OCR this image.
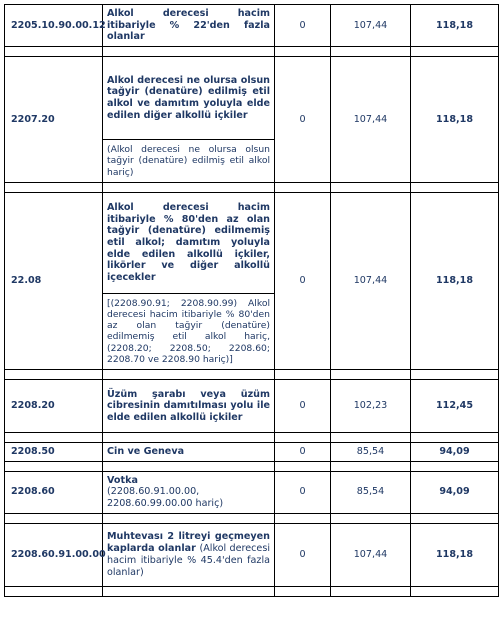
2205.10.90.00.12	Alkol derecesi hacim itibariyle % 22'den fazla olanlar	0	107,44	118,18

2207.20	Alkol derecesi ne olursa olsun tağyir (denatüre) edilmiş etil alkol ve damıtım yoluyla elde edilen diğer alkollü içkiler	0	107,44	118,18
	(Alkol derecesi ne olursa olsun tağyir (denatüre) edilmiş etil alkol hariç)			

22.08	Alkol derecesi hacim itibariyle % 80'den az olan tağyir (denatüre) edilmemiş etil alkol; damıtım yoluyla elde edilen alkollü içkiler, likörler ve diğer alkollü içecekler	0	107,44	118,18
	[(2208.90.91; 2208.90.99) Alkol derecesi hacim itibariyle % 80'den az olan tağyir (denatüre) edilmemiş etil alkol hariç, (2208.20; 2208.50; 2208.60; 2208.70 ve 2208.90 hariç)]			

2208.20	Üzüm şarabı veya üzüm cibresinin damıtılması yolu ile elde edilen alkollü içkiler	0	102,23	112,45

2208.50	Cin ve Geneva	0	85,54	94,09

2208.60	Votka
(2208.60.91.00.00, 2208.60.99.00.00 hariç)	0	85,54	94,09

2208.60.91.00.00	Muhtevası 2 litreyi geçmeyen kaplarda olanlar (Alkol derecesi hacim itibariyle % 45.4'den fazla olanlar)	0	107,44	118,18
